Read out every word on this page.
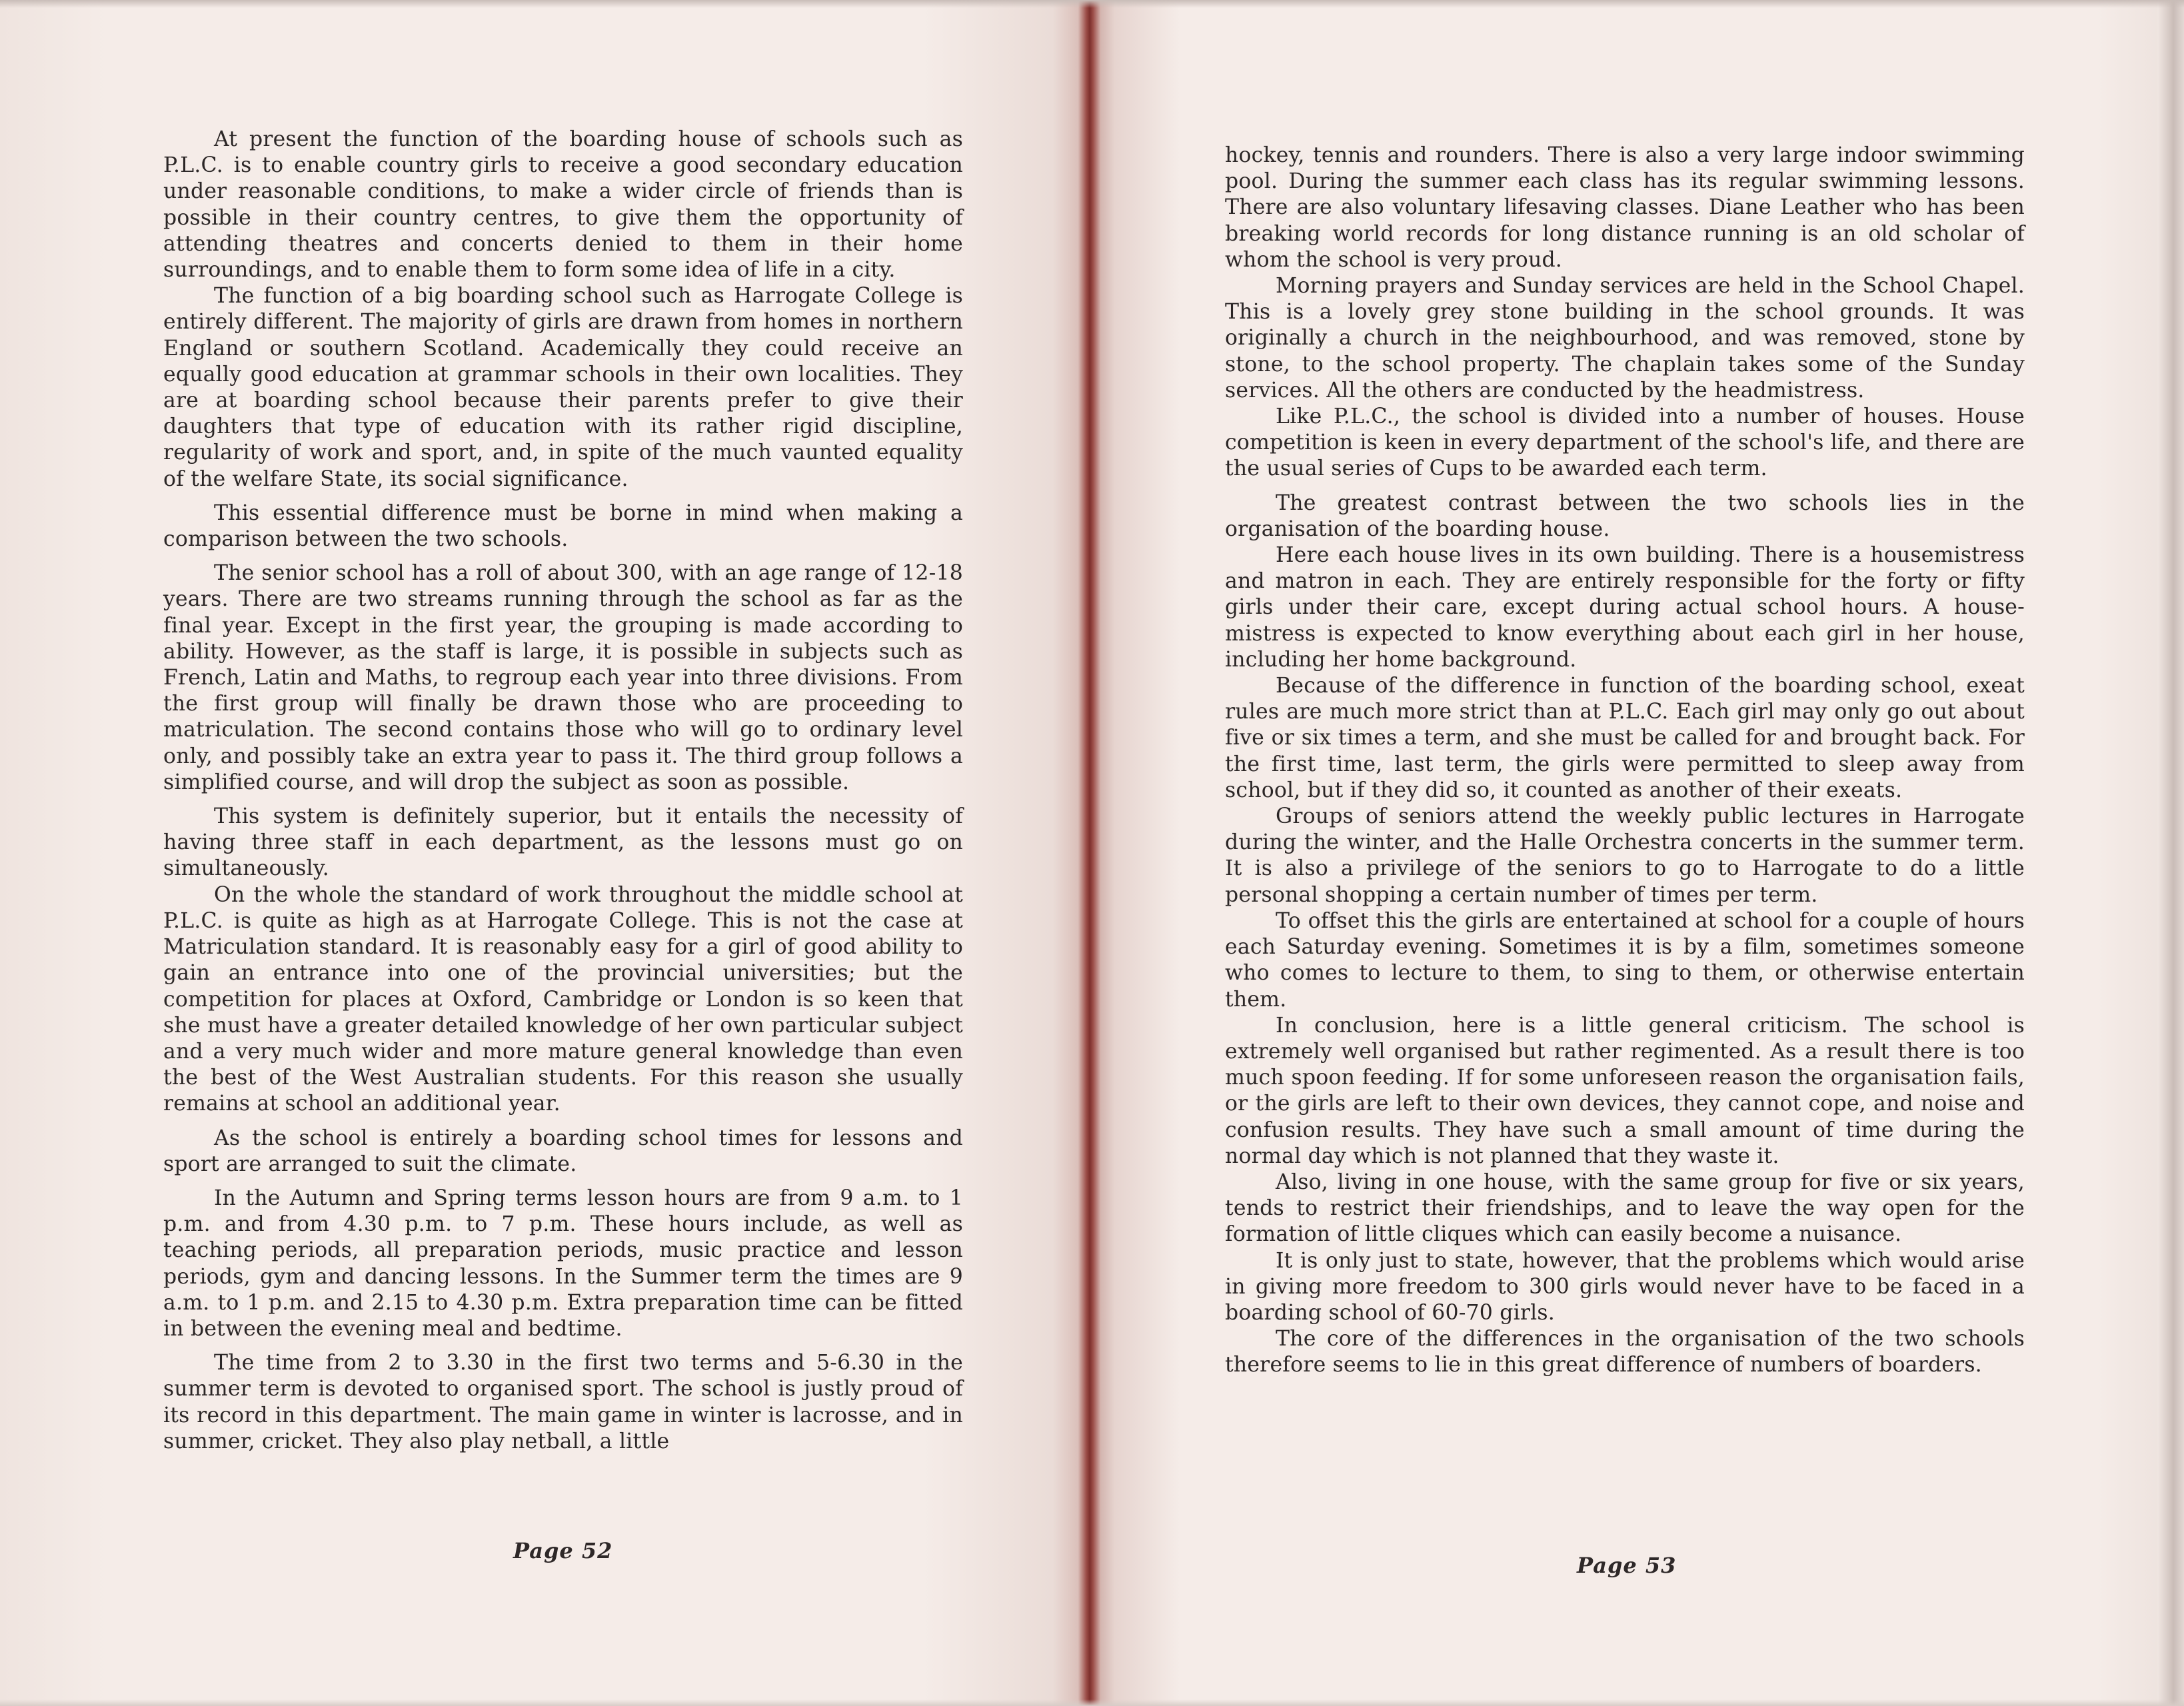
At present the function of the boarding house of schools such as P.L.C. is to enable country girls to receive a good secondary education under reasonable conditions, to make a wider circle of friends than is possible in their country centres, to give them the opportunity of attending theatres and concerts denied to them in their home surroundings, and to enable them to form some idea of life in a city.

The function of a big boarding school such as Harrogate College is entirely different. The majority of girls are drawn from homes in northern England or southern Scotland. Academically they could receive an equally good education at grammar schools in their own localities. They are at boarding school because their parents prefer to give their daughters that type of education with its rather rigid discipline, regularity of work and sport, and, in spite of the much vaunted equality of the welfare State, its social significance.

This essential difference must be borne in mind when making a comparison between the two schools.

The senior school has a roll of about 300, with an age range of 12-18 years. There are two streams running through the school as far as the final year. Except in the first year, the grouping is made according to ability. However, as the staff is large, it is possible in subjects such as French, Latin and Maths, to regroup each year into three divisions. From the first group will finally be drawn those who are proceeding to matriculation. The second contains those who will go to ordinary level only, and possibly take an extra year to pass it. The third group follows a simplified course, and will drop the subject as soon as possible.

This system is definitely superior, but it entails the necessity of having three staff in each department, as the lessons must go on simultaneously.

On the whole the standard of work throughout the middle school at P.L.C. is quite as high as at Harrogate College. This is not the case at Matriculation standard. It is reasonably easy for a girl of good ability to gain an entrance into one of the provincial universities; but the competition for places at Oxford, Cambridge or London is so keen that she must have a greater detailed knowledge of her own particular subject and a very much wider and more mature general knowledge than even the best of the West Australian students. For this reason she usually remains at school an additional year.

As the school is entirely a boarding school times for lessons and sport are arranged to suit the climate.

In the Autumn and Spring terms lesson hours are from 9 a.m. to 1 p.m. and from 4.30 p.m. to 7 p.m. These hours include, as well as teaching periods, all preparation periods, music practice and lesson periods, gym and dancing lessons. In the Summer term the times are 9 a.m. to 1 p.m. and 2.15 to 4.30 p.m. Extra preparation time can be fitted in between the evening meal and bedtime.

The time from 2 to 3.30 in the first two terms and 5-6.30 in the summer term is devoted to organised sport. The school is justly proud of its record in this department. The main game in winter is lacrosse, and in summer, cricket. They also play netball, a little

Page 52

hockey, tennis and rounders. There is also a very large indoor swimming pool. During the summer each class has its regular swimming lessons. There are also voluntary lifesaving classes. Diane Leather who has been breaking world records for long distance running is an old scholar of whom the school is very proud.

Morning prayers and Sunday services are held in the School Chapel. This is a lovely grey stone building in the school grounds. It was originally a church in the neighbourhood, and was removed, stone by stone, to the school property. The chaplain takes some of the Sunday services. All the others are conducted by the headmistress.

Like P.L.C., the school is divided into a number of houses. House competition is keen in every department of the school's life, and there are the usual series of Cups to be awarded each term.

The greatest contrast between the two schools lies in the organisation of the boarding house.

Here each house lives in its own building. There is a housemistress and matron in each. They are entirely responsible for the forty or fifty girls under their care, except during actual school hours. A house-mistress is expected to know everything about each girl in her house, including her home background.

Because of the difference in function of the boarding school, exeat rules are much more strict than at P.L.C. Each girl may only go out about five or six times a term, and she must be called for and brought back. For the first time, last term, the girls were permitted to sleep away from school, but if they did so, it counted as another of their exeats.

Groups of seniors attend the weekly public lectures in Harrogate during the winter, and the Halle Orchestra concerts in the summer term. It is also a privilege of the seniors to go to Harrogate to do a little personal shopping a certain number of times per term.

To offset this the girls are entertained at school for a couple of hours each Saturday evening. Sometimes it is by a film, sometimes someone who comes to lecture to them, to sing to them, or otherwise entertain them.

In conclusion, here is a little general criticism. The school is extremely well organised but rather regimented. As a result there is too much spoon feeding. If for some unforeseen reason the organisation fails, or the girls are left to their own devices, they cannot cope, and noise and confusion results. They have such a small amount of time during the normal day which is not planned that they waste it.

Also, living in one house, with the same group for five or six years, tends to restrict their friendships, and to leave the way open for the formation of little cliques which can easily become a nuisance.

It is only just to state, however, that the problems which would arise in giving more freedom to 300 girls would never have to be faced in a boarding school of 60-70 girls.

The core of the differences in the organisation of the two schools therefore seems to lie in this great difference of numbers of boarders.

Page 53
